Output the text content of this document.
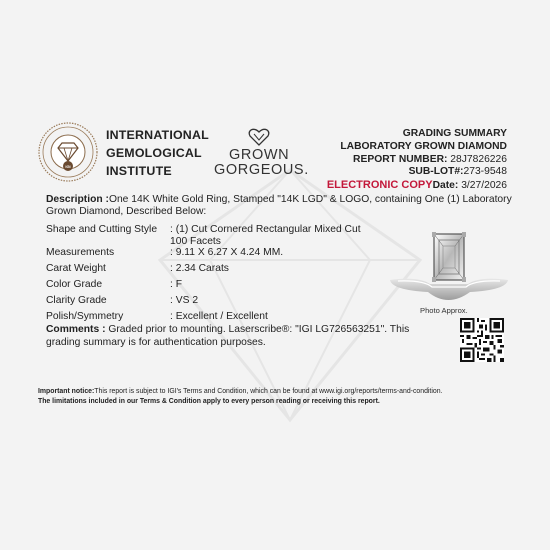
IGI
INTERNATIONAL
GEMOLOGICAL
INSTITUTE
GROWN
GORGEOUS.
GRADING SUMMARY
LABORATORY GROWN DIAMOND
REPORT NUMBER: 28J7826226
SUB-LOT#:273-9548
ELECTRONIC COPYDate: 3/27/2026
Description :One 14K White Gold Ring, Stamped "14K LGD" & LOGO, containing One (1) Laboratory Grown Diamond, Described Below:
Shape and Cutting Style : (1) Cut Cornered Rectangular Mixed Cut
100 Facets
Measurements	: 9.11 X 6.27 X 4.24 MM.
Carat Weight	: 2.34 Carats
Color Grade	: F
Clarity Grade	: VS 2
Polish/Symmetry	: Excellent / Excellent
Photo Approx.
Comments : Graded prior to mounting. Laserscribe®: "IGI LG726563251". This grading summary is for authentication purposes.
Important notice:This report is subject to IGI's Terms and Condition, which can be found at www.igi.org/reports/terms-and-condition.
The limitations included in our Terms & Condition apply to every person reading or receiving this report.
